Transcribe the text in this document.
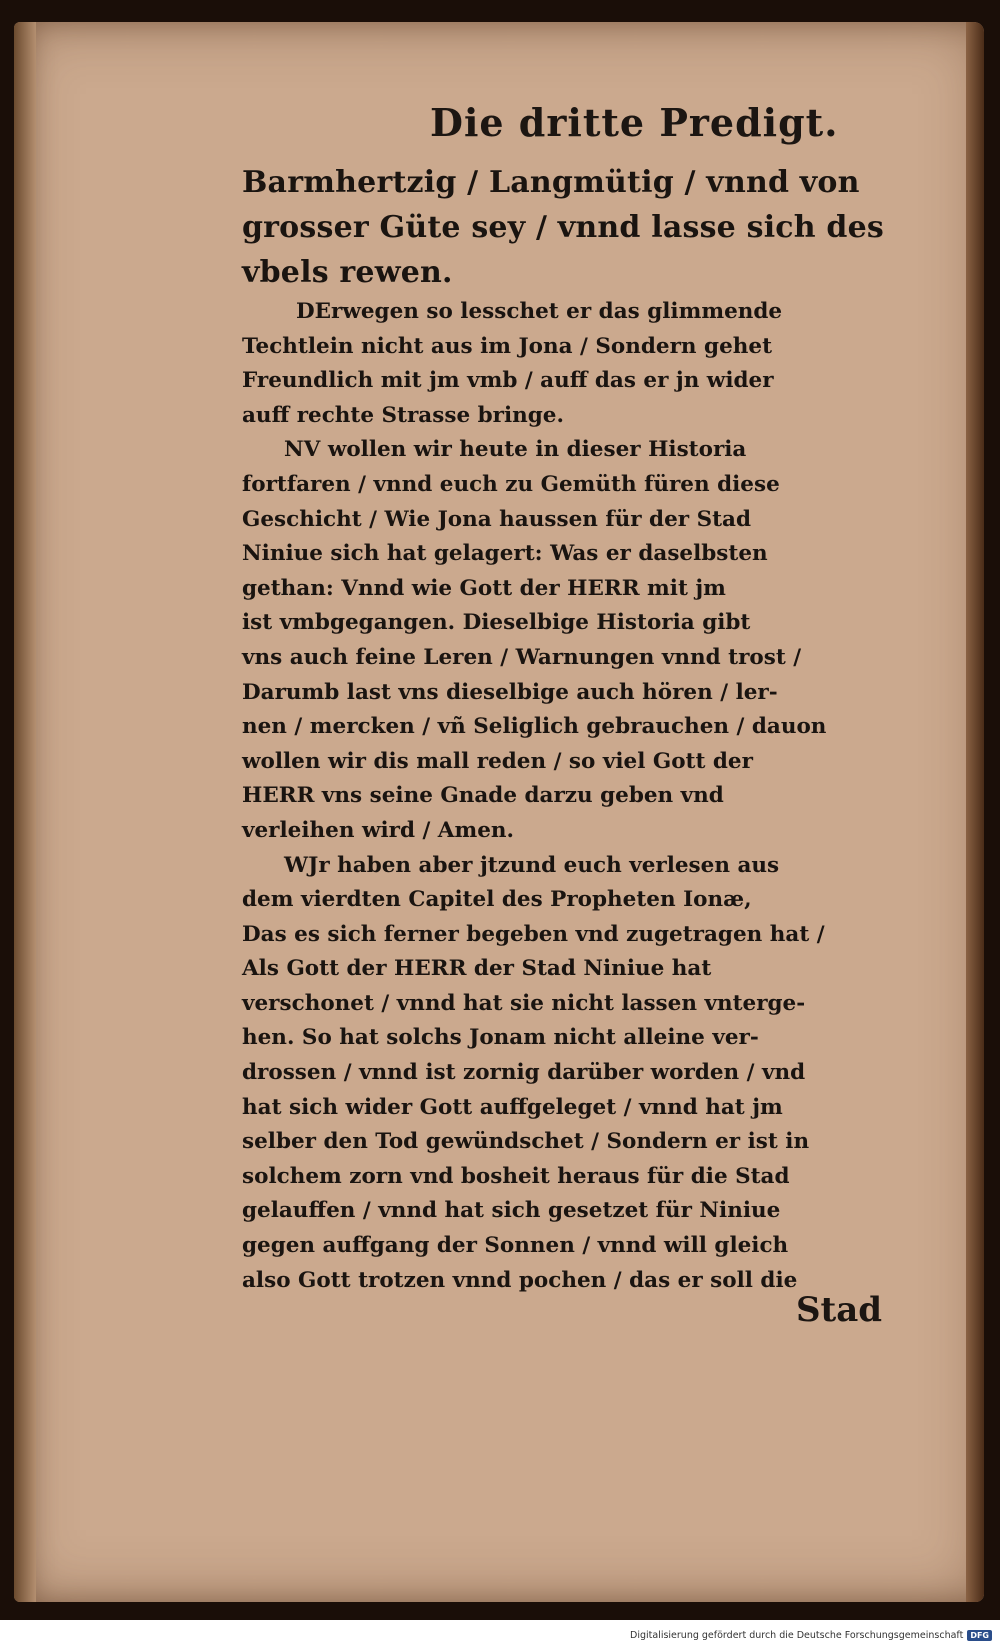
Die dritte Predigt.
Barmhertzig / Langmütig / vnnd von
grosser Güte sey / vnnd lasse sich des
vbels rewen.
DErwegen so lesschet er das glimmende
Techtlein nicht aus im Jona / Sondern gehet
Freundlich mit jm vmb / auff das er jn wider
auff rechte Strasse bringe.
NV wollen wir heute in dieser Historia
fortfaren / vnnd euch zu Gemüth füren diese
Geschicht / Wie Jona haussen für der Stad
Niniue sich hat gelagert: Was er daselbsten
gethan: Vnnd wie Gott der HERR mit jm
ist vmbgegangen. Dieselbige Historia gibt
vns auch feine Leren / Warnungen vnnd trost /
Darumb last vns dieselbige auch hören / ler-
nen / mercken / vñ Seliglich gebrauchen / dauon
wollen wir dis mall reden / so viel Gott der
HERR vns seine Gnade darzu geben vnd
verleihen wird / Amen.
WJr haben aber jtzund euch verlesen aus
dem vierdten Capitel des Propheten Ionæ,
Das es sich ferner begeben vnd zugetragen hat /
Als Gott der HERR der Stad Niniue hat
verschonet / vnnd hat sie nicht lassen vnterge-
hen. So hat solchs Jonam nicht alleine ver-
drossen / vnnd ist zornig darüber worden / vnd
hat sich wider Gott auffgeleget / vnnd hat jm
selber den Tod gewündschet / Sondern er ist in
solchem zorn vnd bosheit heraus für die Stad
gelauffen / vnnd hat sich gesetzet für Niniue
gegen auffgang der Sonnen / vnnd will gleich
also Gott trotzen vnnd pochen / das er soll die
Stad
Digitalisierung gefördert durch die Deutsche Forschungsgemeinschaft DFG
